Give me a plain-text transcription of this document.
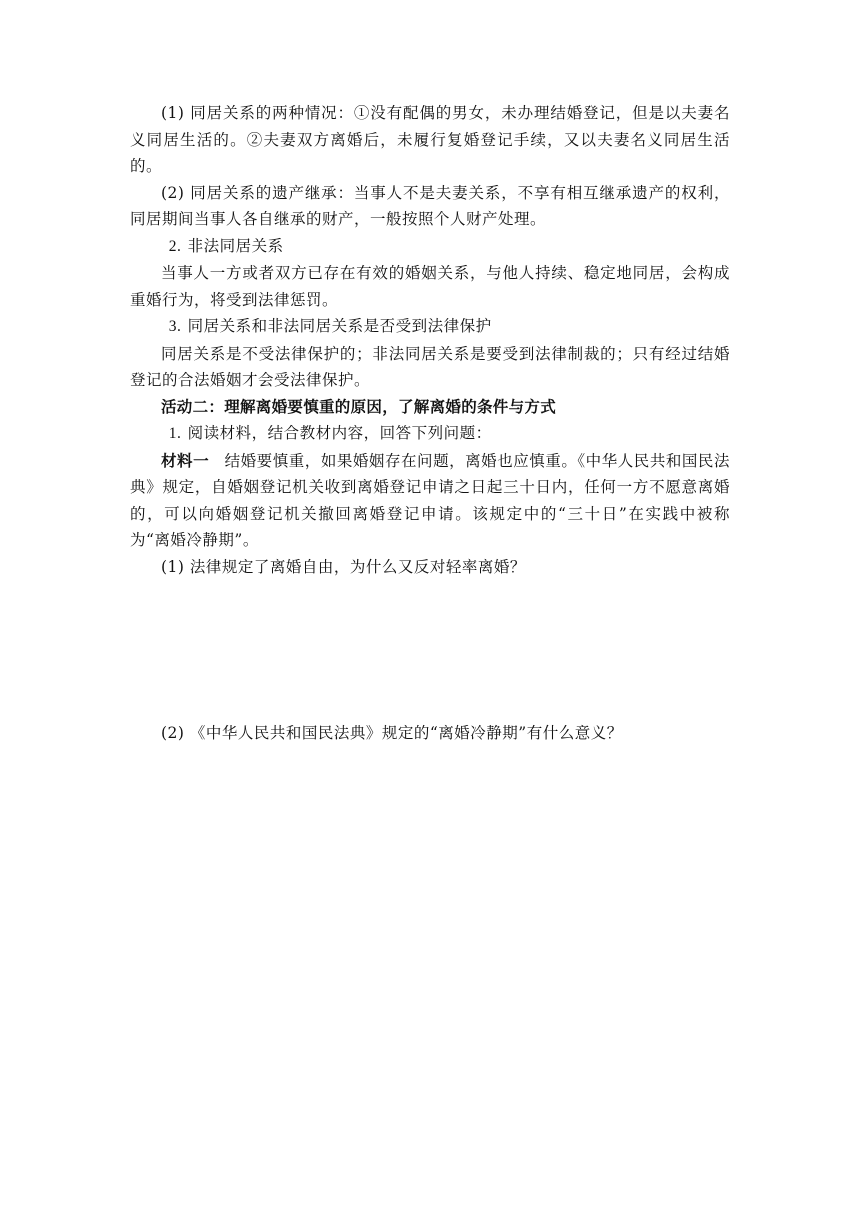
(1) 同居关系的两种情况：①没有配偶的男女，未办理结婚登记，但是以夫妻名义同居生活的。②夫妻双方离婚后，未履行复婚登记手续，又以夫妻名义同居生活的。

(2) 同居关系的遗产继承：当事人不是夫妻关系，不享有相互继承遗产的权利，同居期间当事人各自继承的财产，一般按照个人财产处理。

2. 非法同居关系

当事人一方或者双方已存在有效的婚姻关系，与他人持续、稳定地同居，会构成重婚行为，将受到法律惩罚。

3. 同居关系和非法同居关系是否受到法律保护

同居关系是不受法律保护的；非法同居关系是要受到法律制裁的；只有经过结婚登记的合法婚姻才会受法律保护。

活动二：理解离婚要慎重的原因，了解离婚的条件与方式

1. 阅读材料，结合教材内容，回答下列问题：

材料一 结婚要慎重，如果婚姻存在问题，离婚也应慎重。《中华人民共和国民法典》规定，自婚姻登记机关收到离婚登记申请之日起三十日内，任何一方不愿意离婚的，可以向婚姻登记机关撤回离婚登记申请。该规定中的“三十日”在实践中被称为“离婚冷静期”。

(1) 法律规定了离婚自由，为什么又反对轻率离婚？

(2) 《中华人民共和国民法典》规定的“离婚冷静期”有什么意义？
